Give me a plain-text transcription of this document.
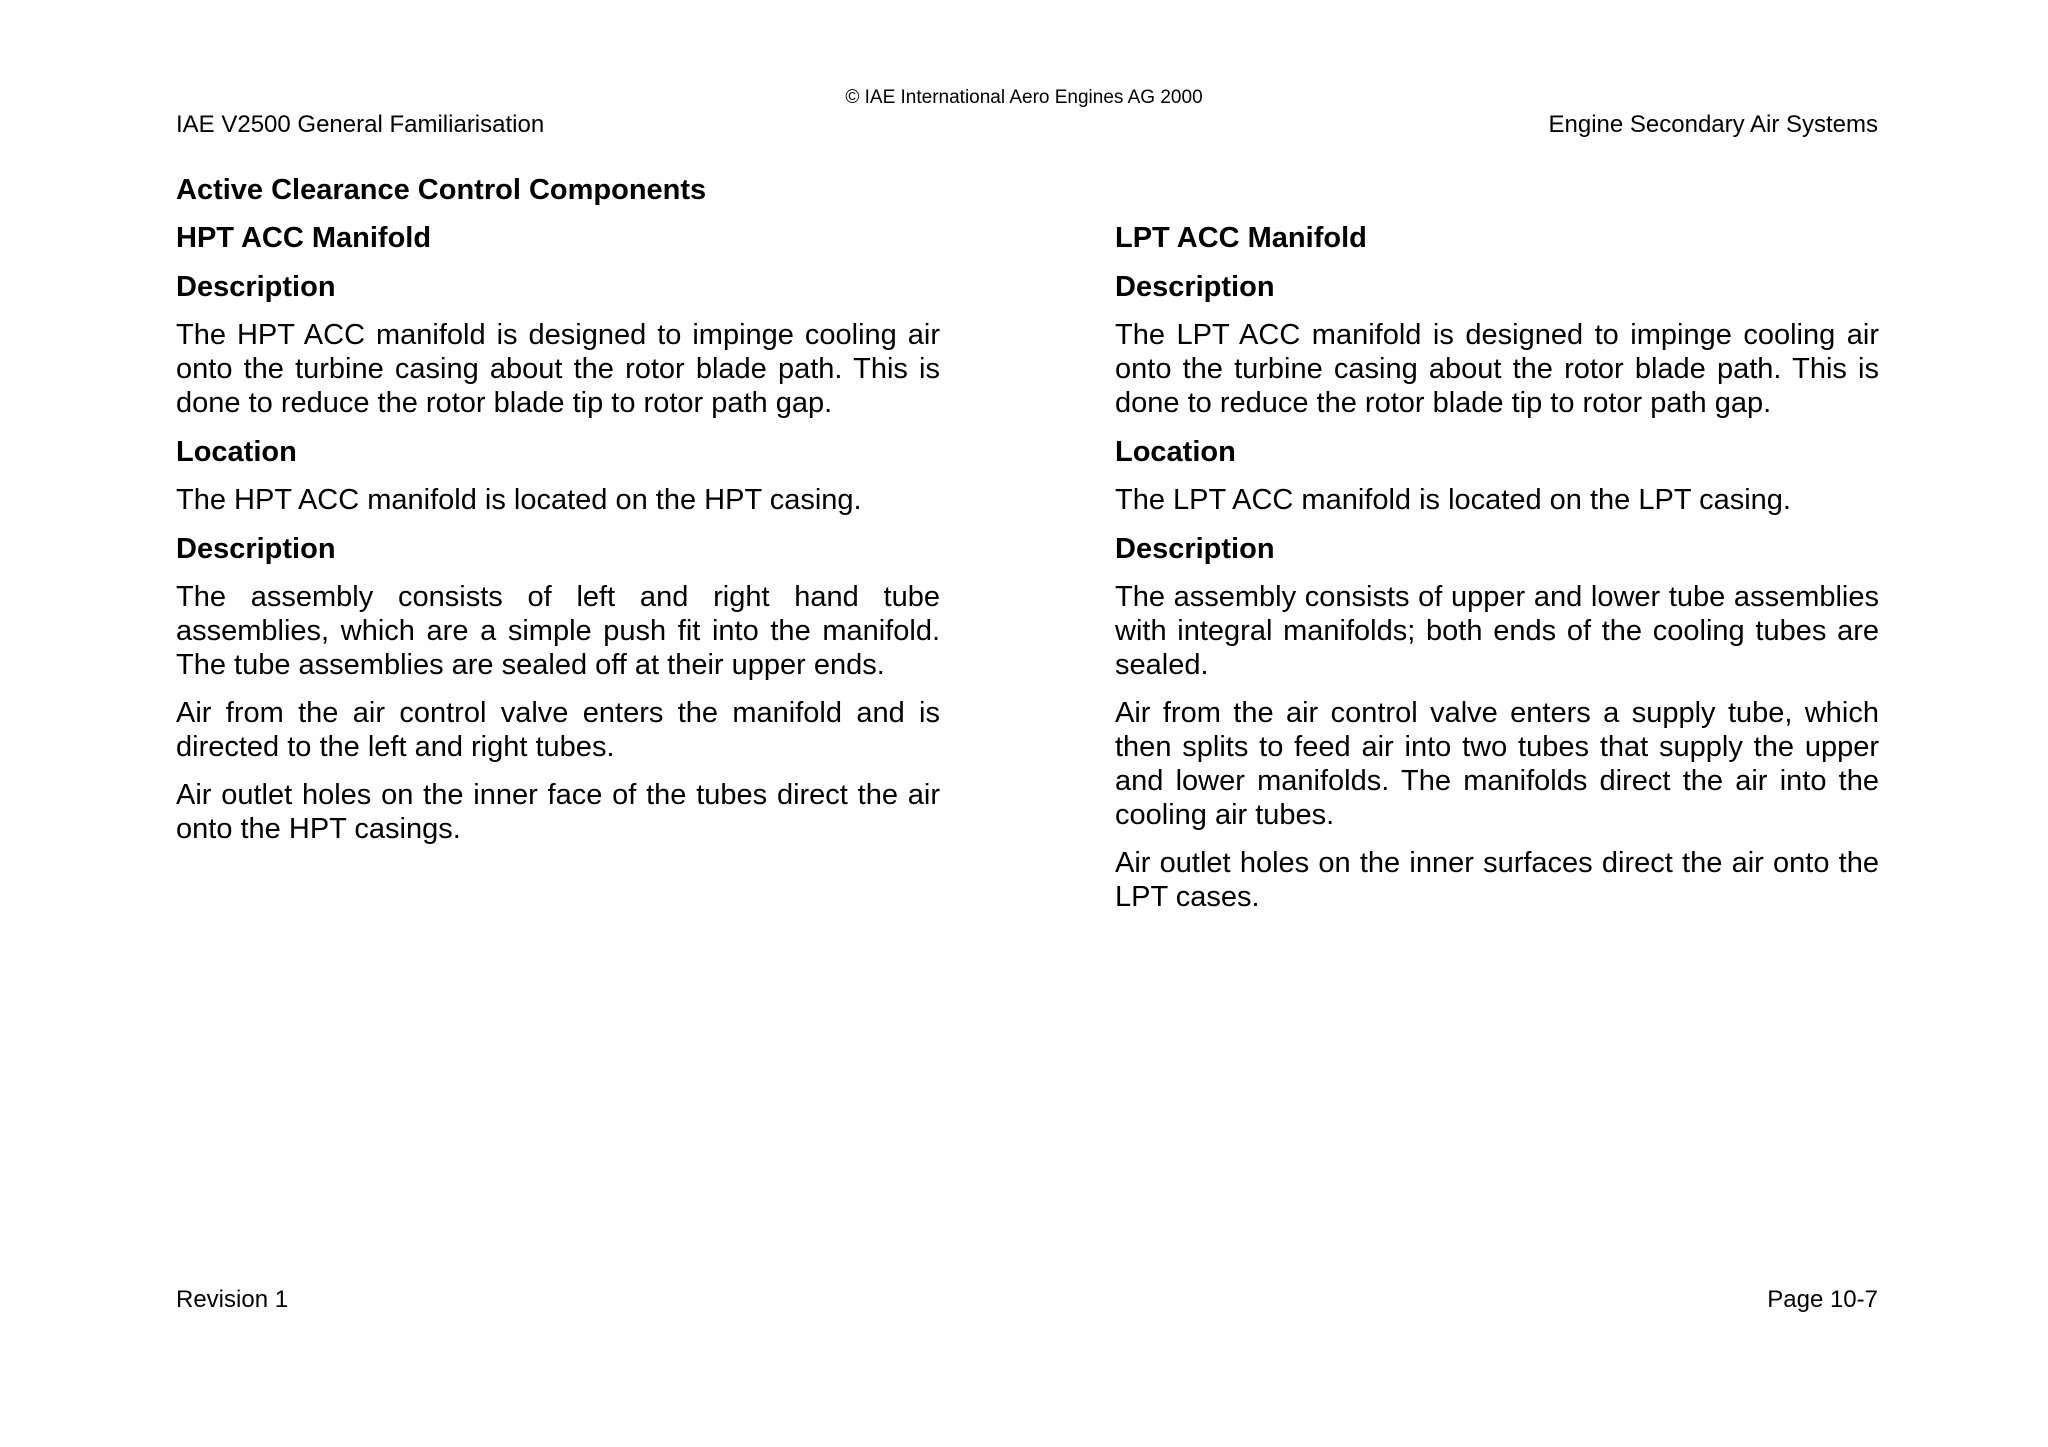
© IAE International Aero Engines AG 2000
IAE V2500 General Familiarisation	Engine Secondary Air Systems
Active Clearance Control Components
HPT ACC Manifold
Description

The HPT ACC manifold is designed to impinge cooling air onto the turbine casing about the rotor blade path. This is done to reduce the rotor blade tip to rotor path gap.

Location

The HPT ACC manifold is located on the HPT casing.

Description

The assembly consists of left and right hand tube assemblies, which are a simple push fit into the manifold. The tube assemblies are sealed off at their upper ends.

Air from the air control valve enters the manifold and is directed to the left and right tubes.

Air outlet holes on the inner face of the tubes direct the air onto the HPT casings.

LPT ACC Manifold
Description

The LPT ACC manifold is designed to impinge cooling air onto the turbine casing about the rotor blade path. This is done to reduce the rotor blade tip to rotor path gap.

Location

The LPT ACC manifold is located on the LPT casing.

Description

The assembly consists of upper and lower tube assemblies with integral manifolds; both ends of the cooling tubes are sealed.

Air from the air control valve enters a supply tube, which then splits to feed air into two tubes that supply the upper and lower manifolds. The manifolds direct the air into the cooling air tubes.

Air outlet holes on the inner surfaces direct the air onto the LPT cases.

Revision 1	Page 10-7
